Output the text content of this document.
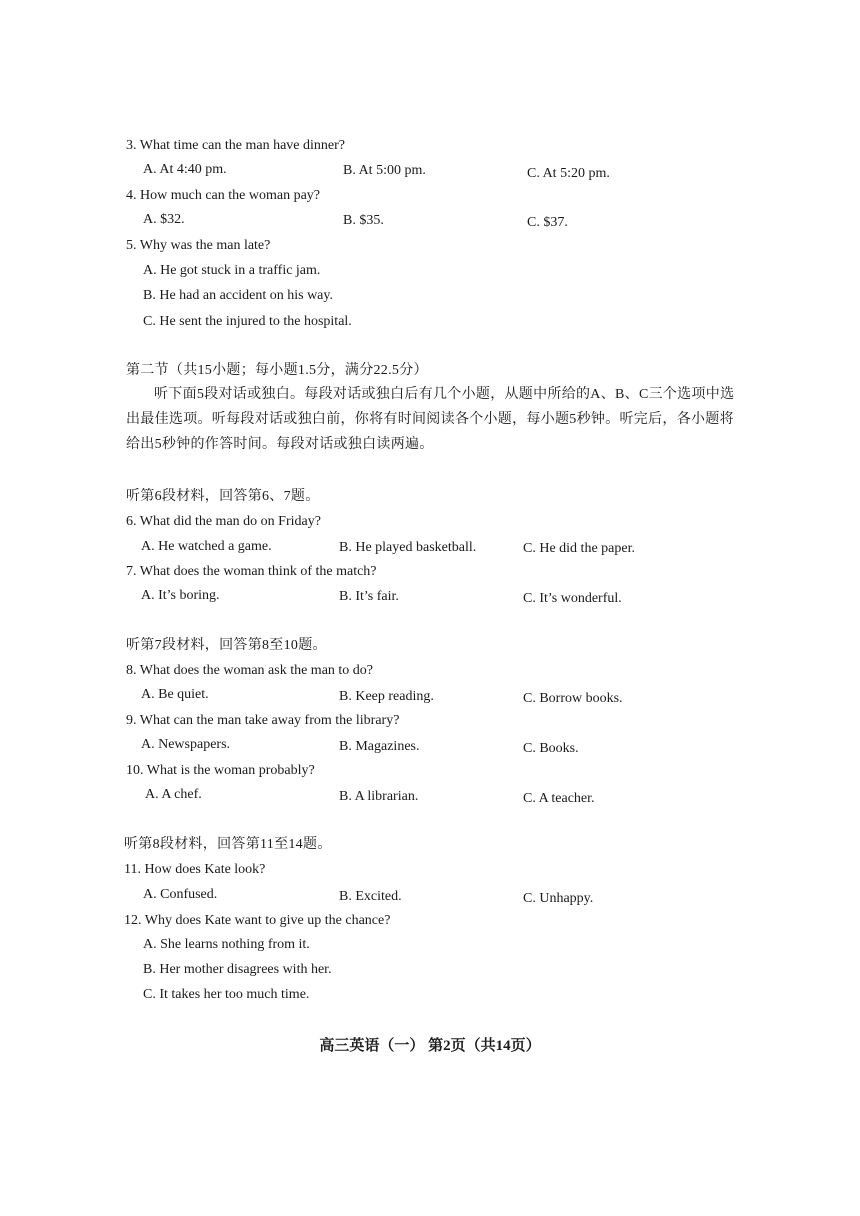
3. What time can the man have dinner?
A. At 4:40 pm.	B. At 5:00 pm.	C. At 5:20 pm.
4. How much can the woman pay?
A. $32.	B. $35.	C. $37.
5. Why was the man late?
A. He got stuck in a traffic jam.
B. He had an accident on his way.
C. He sent the injured to the hospital.
第二节（共15小题；每小题1.5分，满分22.5分）
听下面5段对话或独白。每段对话或独白后有几个小题，从题中所给的A、B、C三个选项中选出最佳选项。听每段对话或独白前，你将有时间阅读各个小题，每小题5秒钟。听完后，各小题将给出5秒钟的作答时间。每段对话或独白读两遍。
听第6段材料，回答第6、7题。
6. What did the man do on Friday?
A. He watched a game.	B. He played basketball.	C. He did the paper.
7. What does the woman think of the match?
A. It’s boring.	B. It’s fair.	C. It’s wonderful.
听第7段材料，回答第8至10题。
8. What does the woman ask the man to do?
A. Be quiet.	B. Keep reading.	C. Borrow books.
9. What can the man take away from the library?
A. Newspapers.	B. Magazines.	C. Books.
10. What is the woman probably?
A. A chef.	B. A librarian.	C. A teacher.
听第8段材料，回答第11至14题。
11. How does Kate look?
A. Confused.	B. Excited.	C. Unhappy.
12. Why does Kate want to give up the chance?
A. She learns nothing from it.
B. Her mother disagrees with her.
C. It takes her too much time.
高三英语（一） 第2页（共14页）
